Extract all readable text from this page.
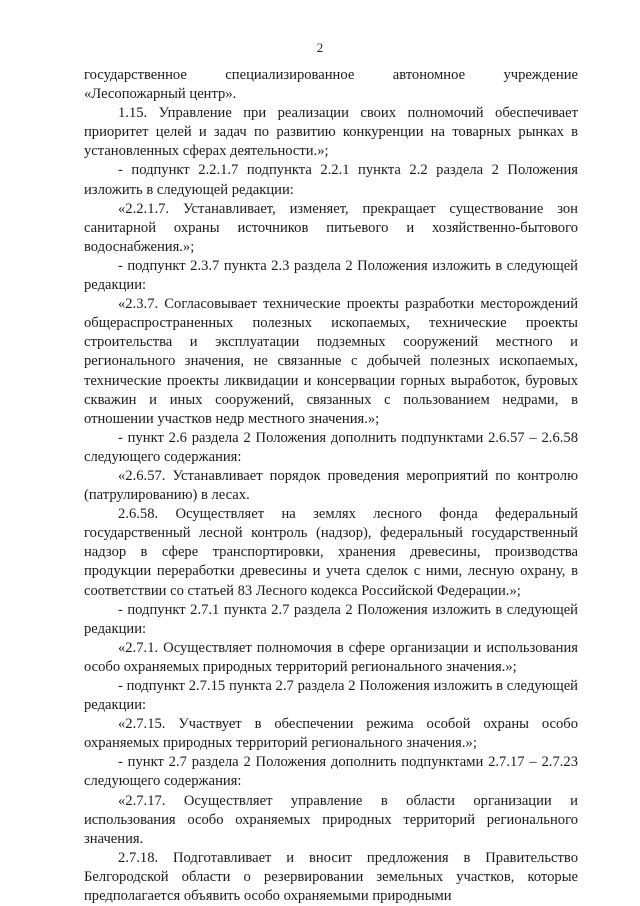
2

государственное специализированное автономное учреждение «Лесопожарный центр».

1.15. Управление при реализации своих полномочий обеспечивает приоритет целей и задач по развитию конкуренции на товарных рынках в установленных сферах деятельности.»;

- подпункт 2.2.1.7 подпункта 2.2.1 пункта 2.2 раздела 2 Положения изложить в следующей редакции:

«2.2.1.7. Устанавливает, изменяет, прекращает существование зон санитарной охраны источников питьевого и хозяйственно-бытового водоснабжения.»;

- подпункт 2.3.7 пункта 2.3 раздела 2 Положения изложить в следующей редакции:

«2.3.7. Согласовывает технические проекты разработки месторождений общераспространенных полезных ископаемых, технические проекты строительства и эксплуатации подземных сооружений местного и регионального значения, не связанные с добычей полезных ископаемых, технические проекты ликвидации и консервации горных выработок, буровых скважин и иных сооружений, связанных с пользованием недрами, в отношении участков недр местного значения.»;

- пункт 2.6 раздела 2 Положения дополнить подпунктами 2.6.57 – 2.6.58 следующего содержания:

«2.6.57. Устанавливает порядок проведения мероприятий по контролю (патрулированию) в лесах.

2.6.58. Осуществляет на землях лесного фонда федеральный государственный лесной контроль (надзор), федеральный государственный надзор в сфере транспортировки, хранения древесины, производства продукции переработки древесины и учета сделок с ними, лесную охрану, в соответствии со статьей 83 Лесного кодекса Российской Федерации.»;

- подпункт 2.7.1 пункта 2.7 раздела 2 Положения изложить в следующей редакции:

«2.7.1. Осуществляет полномочия в сфере организации и использования особо охраняемых природных территорий регионального значения.»;

- подпункт 2.7.15 пункта 2.7 раздела 2 Положения изложить в следующей редакции:

«2.7.15. Участвует в обеспечении режима особой охраны особо охраняемых природных территорий регионального значения.»;

- пункт 2.7 раздела 2 Положения дополнить подпунктами 2.7.17 – 2.7.23 следующего содержания:

«2.7.17. Осуществляет управление в области организации и использования особо охраняемых природных территорий регионального значения.

2.7.18. Подготавливает и вносит предложения в Правительство Белгородской области о резервировании земельных участков, которые предполагается объявить особо охраняемыми природными
